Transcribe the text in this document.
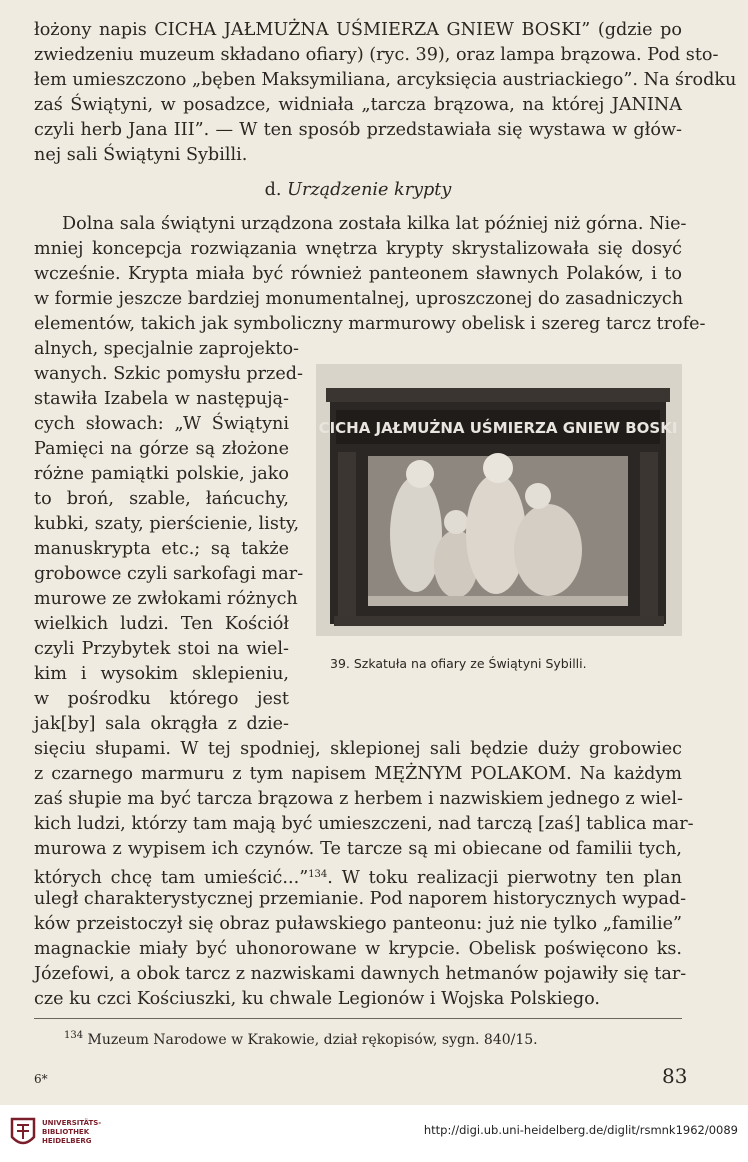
łożony napis CICHA JAŁMUŻNA UŚMIERZA GNIEW BOSKI” (gdzie po
zwiedzeniu muzeum składano ofiary) (ryc. 39), oraz lampa brązowa. Pod sto-
łem umieszczono „bęben Maksymiliana, arcyksięcia austriackiego”. Na środku
zaś Świątyni, w posadzce, widniała „tarcza brązowa, na której JANINA
czyli herb Jana III”. — W ten sposób przedstawiała się wystawa w głów-
nej sali Świątyni Sybilli.
d. Urządzenie krypty
Dolna sala świątyni urządzona została kilka lat później niż górna. Nie-
mniej koncepcja rozwiązania wnętrza krypty skrystalizowała się dosyć
wcześnie. Krypta miała być również panteonem sławnych Polaków, i to
w formie jeszcze bardziej monumentalnej, uproszczonej do zasadniczych
elementów, takich jak symboliczny marmurowy obelisk i szereg tarcz trofe-
alnych, specjalnie zaprojekto-
wanych. Szkic pomysłu przed-
stawiła Izabela w następują-
cych słowach: „W Świątyni
Pamięci na górze są złożone
różne pamiątki polskie, jako
to broń, szable, łańcuchy,
kubki, szaty, pierścienie, listy,
manuskrypta etc.; są także
grobowce czyli sarkofagi mar-
murowe ze zwłokami różnych
wielkich ludzi. Ten Kościół
czyli Przybytek stoi na wiel-
kim i wysokim sklepieniu,
w pośrodku którego jest
jak[by] sala okrągła z dzie-
CICHA JAŁMUŻNA UŚMIERZA GNIEW BOSKI
39. Szkatuła na ofiary ze Świątyni Sybilli.
sięciu słupami. W tej spodniej, sklepionej sali będzie duży grobowiec
z czarnego marmuru z tym napisem MĘŻNYM POLAKOM. Na każdym
zaś słupie ma być tarcza brązowa z herbem i nazwiskiem jednego z wiel-
kich ludzi, którzy tam mają być umieszczeni, nad tarczą [zaś] tablica mar-
murowa z wypisem ich czynów. Te tarcze są mi obiecane od familii tych,
których chcę tam umieścić...”$^{134}$. W toku realizacji pierwotny ten plan
uległ charakterystycznej przemianie. Pod naporem historycznych wypad-
ków przeistoczył się obraz puławskiego panteonu: już nie tylko „familie”
magnackie miały być uhonorowane w krypcie. Obelisk poświęcono ks.
Józefowi, a obok tarcz z nazwiskami dawnych hetmanów pojawiły się tar-
cze ku czci Kościuszki, ku chwale Legionów i Wojska Polskiego.
$^{134}$ Muzeum Narodowe w Krakowie, dział rękopisów, sygn. 840/15.
6*	83
UNIVERSITÄTS-
BIBLIOTHEK
HEIDELBERG
http://digi.ub.uni-heidelberg.de/diglit/rsmnk1962/0089
